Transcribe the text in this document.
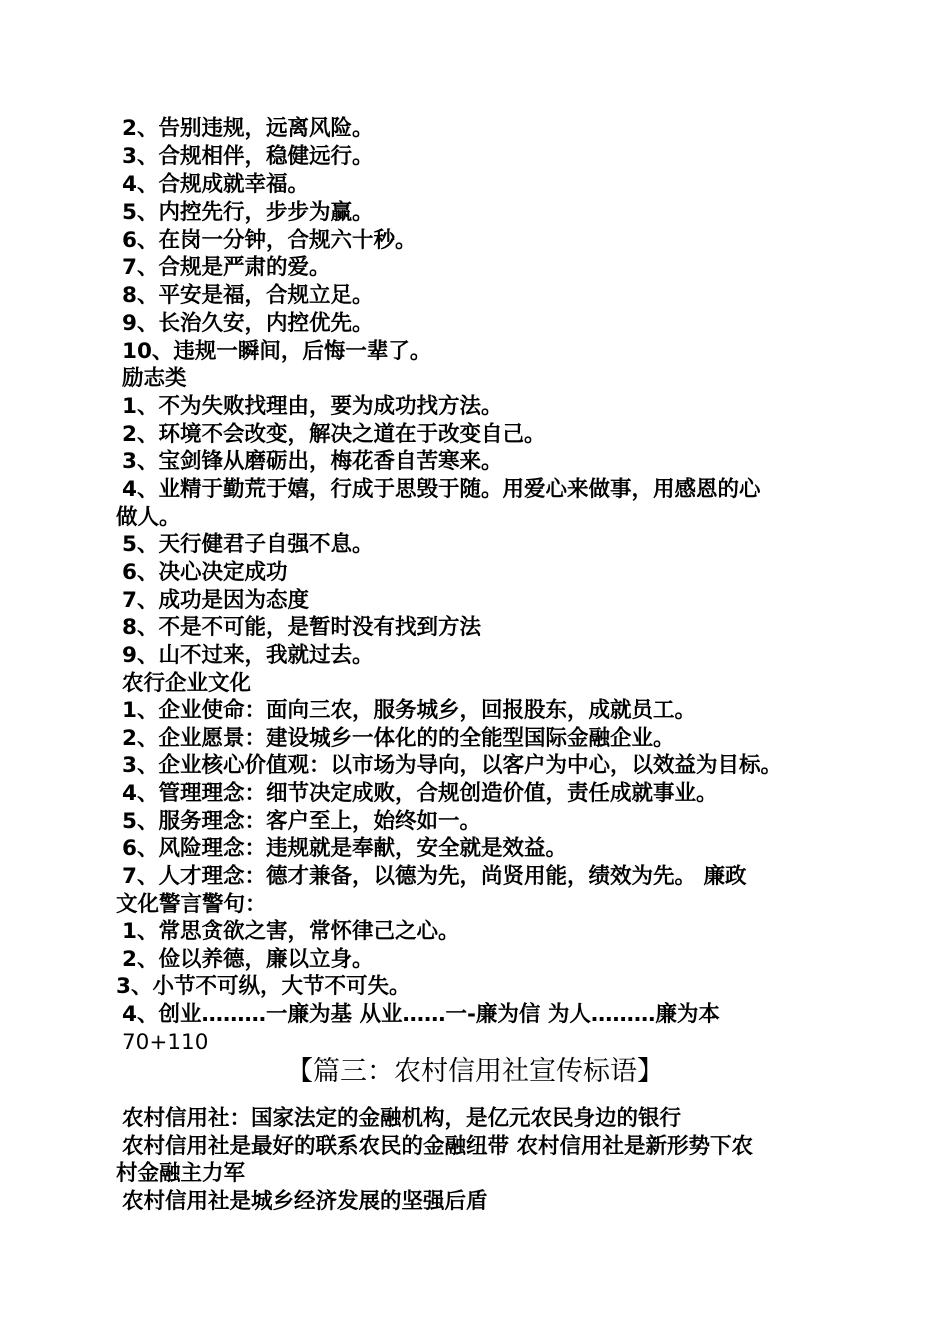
2、告别违规，远离风险。
3、合规相伴，稳健远行。
4、合规成就幸福。
5、内控先行，步步为赢。
6、在岗一分钟，合规六十秒。
7、合规是严肃的爱。
8、平安是福，合规立足。
9、长治久安，内控优先。
10、违规一瞬间，后悔一辈了。
励志类
1、不为失败找理由，要为成功找方法。
2、环境不会改变，解决之道在于改变自己。
3、宝剑锋从磨砺出，梅花香自苦寒来。
4、业精于勤荒于嬉，行成于思毁于随。用爱心来做事，用感恩的心
做人。
5、天行健君子自强不息。
6、决心决定成功
7、成功是因为态度
8、不是不可能，是暂时没有找到方法
9、山不过来，我就过去。
农行企业文化
1、企业使命：面向三农，服务城乡，回报股东，成就员工。
2、企业愿景：建设城乡一体化的的全能型国际金融企业。
3、企业核心价值观：以市场为导向，以客户为中心，以效益为目标。
4、管理理念：细节决定成败，合规创造价值，责任成就事业。
5、服务理念：客户至上，始终如一。
6、风险理念：违规就是奉献，安全就是效益。
7、人才理念：德才兼备，以德为先，尚贤用能，绩效为先。 廉政
文化警言警句：
1、常思贪欲之害，常怀律己之心。
2、俭以养德，廉以立身。
3、小节不可纵，大节不可失。
4、创业………一廉为基 从业……一-廉为信 为人………廉为本
70+110
【篇三：农村信用社宣传标语】
农村信用社：国家法定的金融机构，是亿元农民身边的银行
农村信用社是最好的联系农民的金融纽带 农村信用社是新形势下农
村金融主力军
农村信用社是城乡经济发展的坚强后盾
